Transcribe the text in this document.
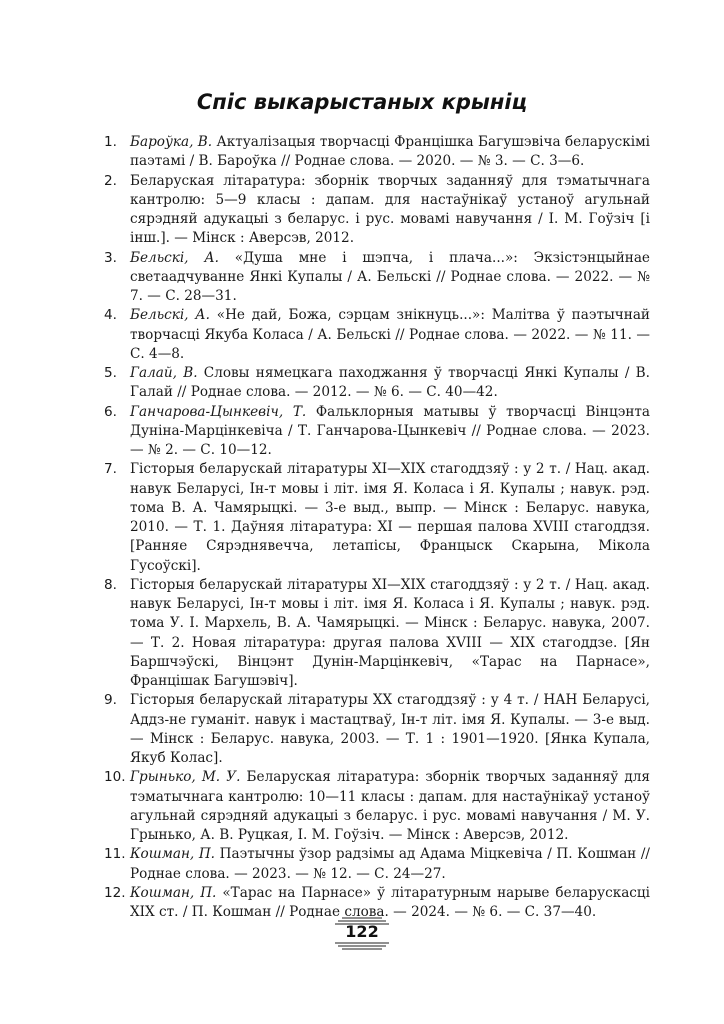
Спіс выкарыстаных крыніц
1. Бароўка, В. Актуалізацыя творчасці Францішка Багушэвіча беларускімі паэтамі / В. Бароўка // Роднае слова. — 2020. — № 3. — С. 3—6.
2. Беларуская літаратура: зборнік творчых заданняў для тэматычнага кантролю: 5—9 класы : дапам. для настаўнікаў устаноў агульнай сярэдняй адукацыі з беларус. і рус. мовамі навучання / І. М. Гоўзіч [і інш.]. — Мінск : Аверсэв, 2012.
3. Бельскі, А. «Душа мне і шэпча, і плача...»: Экзістэнцыйнае светаадчуванне Янкі Купалы / А. Бельскі // Роднае слова. — 2022. — № 7. — С. 28—31.
4. Бельскі, А. «Не дай, Божа, сэрцам знікнуць...»: Малітва ў паэтычнай творчасці Якуба Коласа / А. Бельскі // Роднае слова. — 2022. — № 11. — С. 4—8.
5. Галай, В. Словы нямецкага паходжання ў творчасці Янкі Купалы / В. Галай // Роднае слова. — 2012. — № 6. — С. 40—42.
6. Ганчарова-Цынкевіч, Т. Фальклорныя матывы ў творчасці Вінцэнта Дуніна-Марцінкевіча / Т. Ганчарова-Цынкевіч // Роднае слова. — 2023. — № 2. — С. 10—12.
7. Гісторыя беларускай літаратуры ХІ—ХІХ стагоддзяў : у 2 т. / Нац. акад. навук Беларусі, Ін-т мовы і літ. імя Я. Коласа і Я. Купалы ; навук. рэд. тома В. А. Чамярыцкі. — 3-е выд., выпр. — Мінск : Беларус. навука, 2010. — Т. 1. Даўняя літаратура: ХІ — першая палова ХVІІІ стагоддзя. [Ранняе Сярэднявечча, летапісы, Францыск Скарына, Мікола Гусоўскі].
8. Гісторыя беларускай літаратуры ХІ—ХІХ стагоддзяў : у 2 т. / Нац. акад. навук Беларусі, Ін-т мовы і літ. імя Я. Коласа і Я. Купалы ; навук. рэд. тома У. І. Мархель, В. А. Чамярыцкі. — Мінск : Беларус. навука, 2007. — Т. 2. Новая літаратура: другая палова ХVІІІ — ХІХ стагоддзе. [Ян Баршчэўскі, Вінцэнт Дунін-Марцінкевіч, «Тарас на Парнасе», Францішак Багушэвіч].
9. Гісторыя беларускай літаратуры ХХ стагоддзяў : у 4 т. / НАН Беларусі, Аддз-не гуманіт. навук і мастацтваў, Ін-т літ. імя Я. Купалы. — 3-е выд. — Мінск : Беларус. навука, 2003. — Т. 1 : 1901—1920. [Янка Купала, Якуб Колас].
10. Грынько, М. У. Беларуская літаратура: зборнік творчых заданняў для тэматычнага кантролю: 10—11 класы : дапам. для настаўнікаў устаноў агульнай сярэдняй адукацыі з беларус. і рус. мовамі навучання / М. У. Грынько, А. В. Руцкая, І. М. Гоўзіч. — Мінск : Аверсэв, 2012.
11. Кошман, П. Паэтычны ўзор радзімы ад Адама Міцкевіча / П. Кошман // Роднае слова. — 2023. — № 12. — С. 24—27.
12. Кошман, П. «Тарас на Парнасе» ў літаратурным нарыве беларускасці ХІХ ст. / П. Кошман // Роднае слова. — 2024. — № 6. — С. 37—40.
122
